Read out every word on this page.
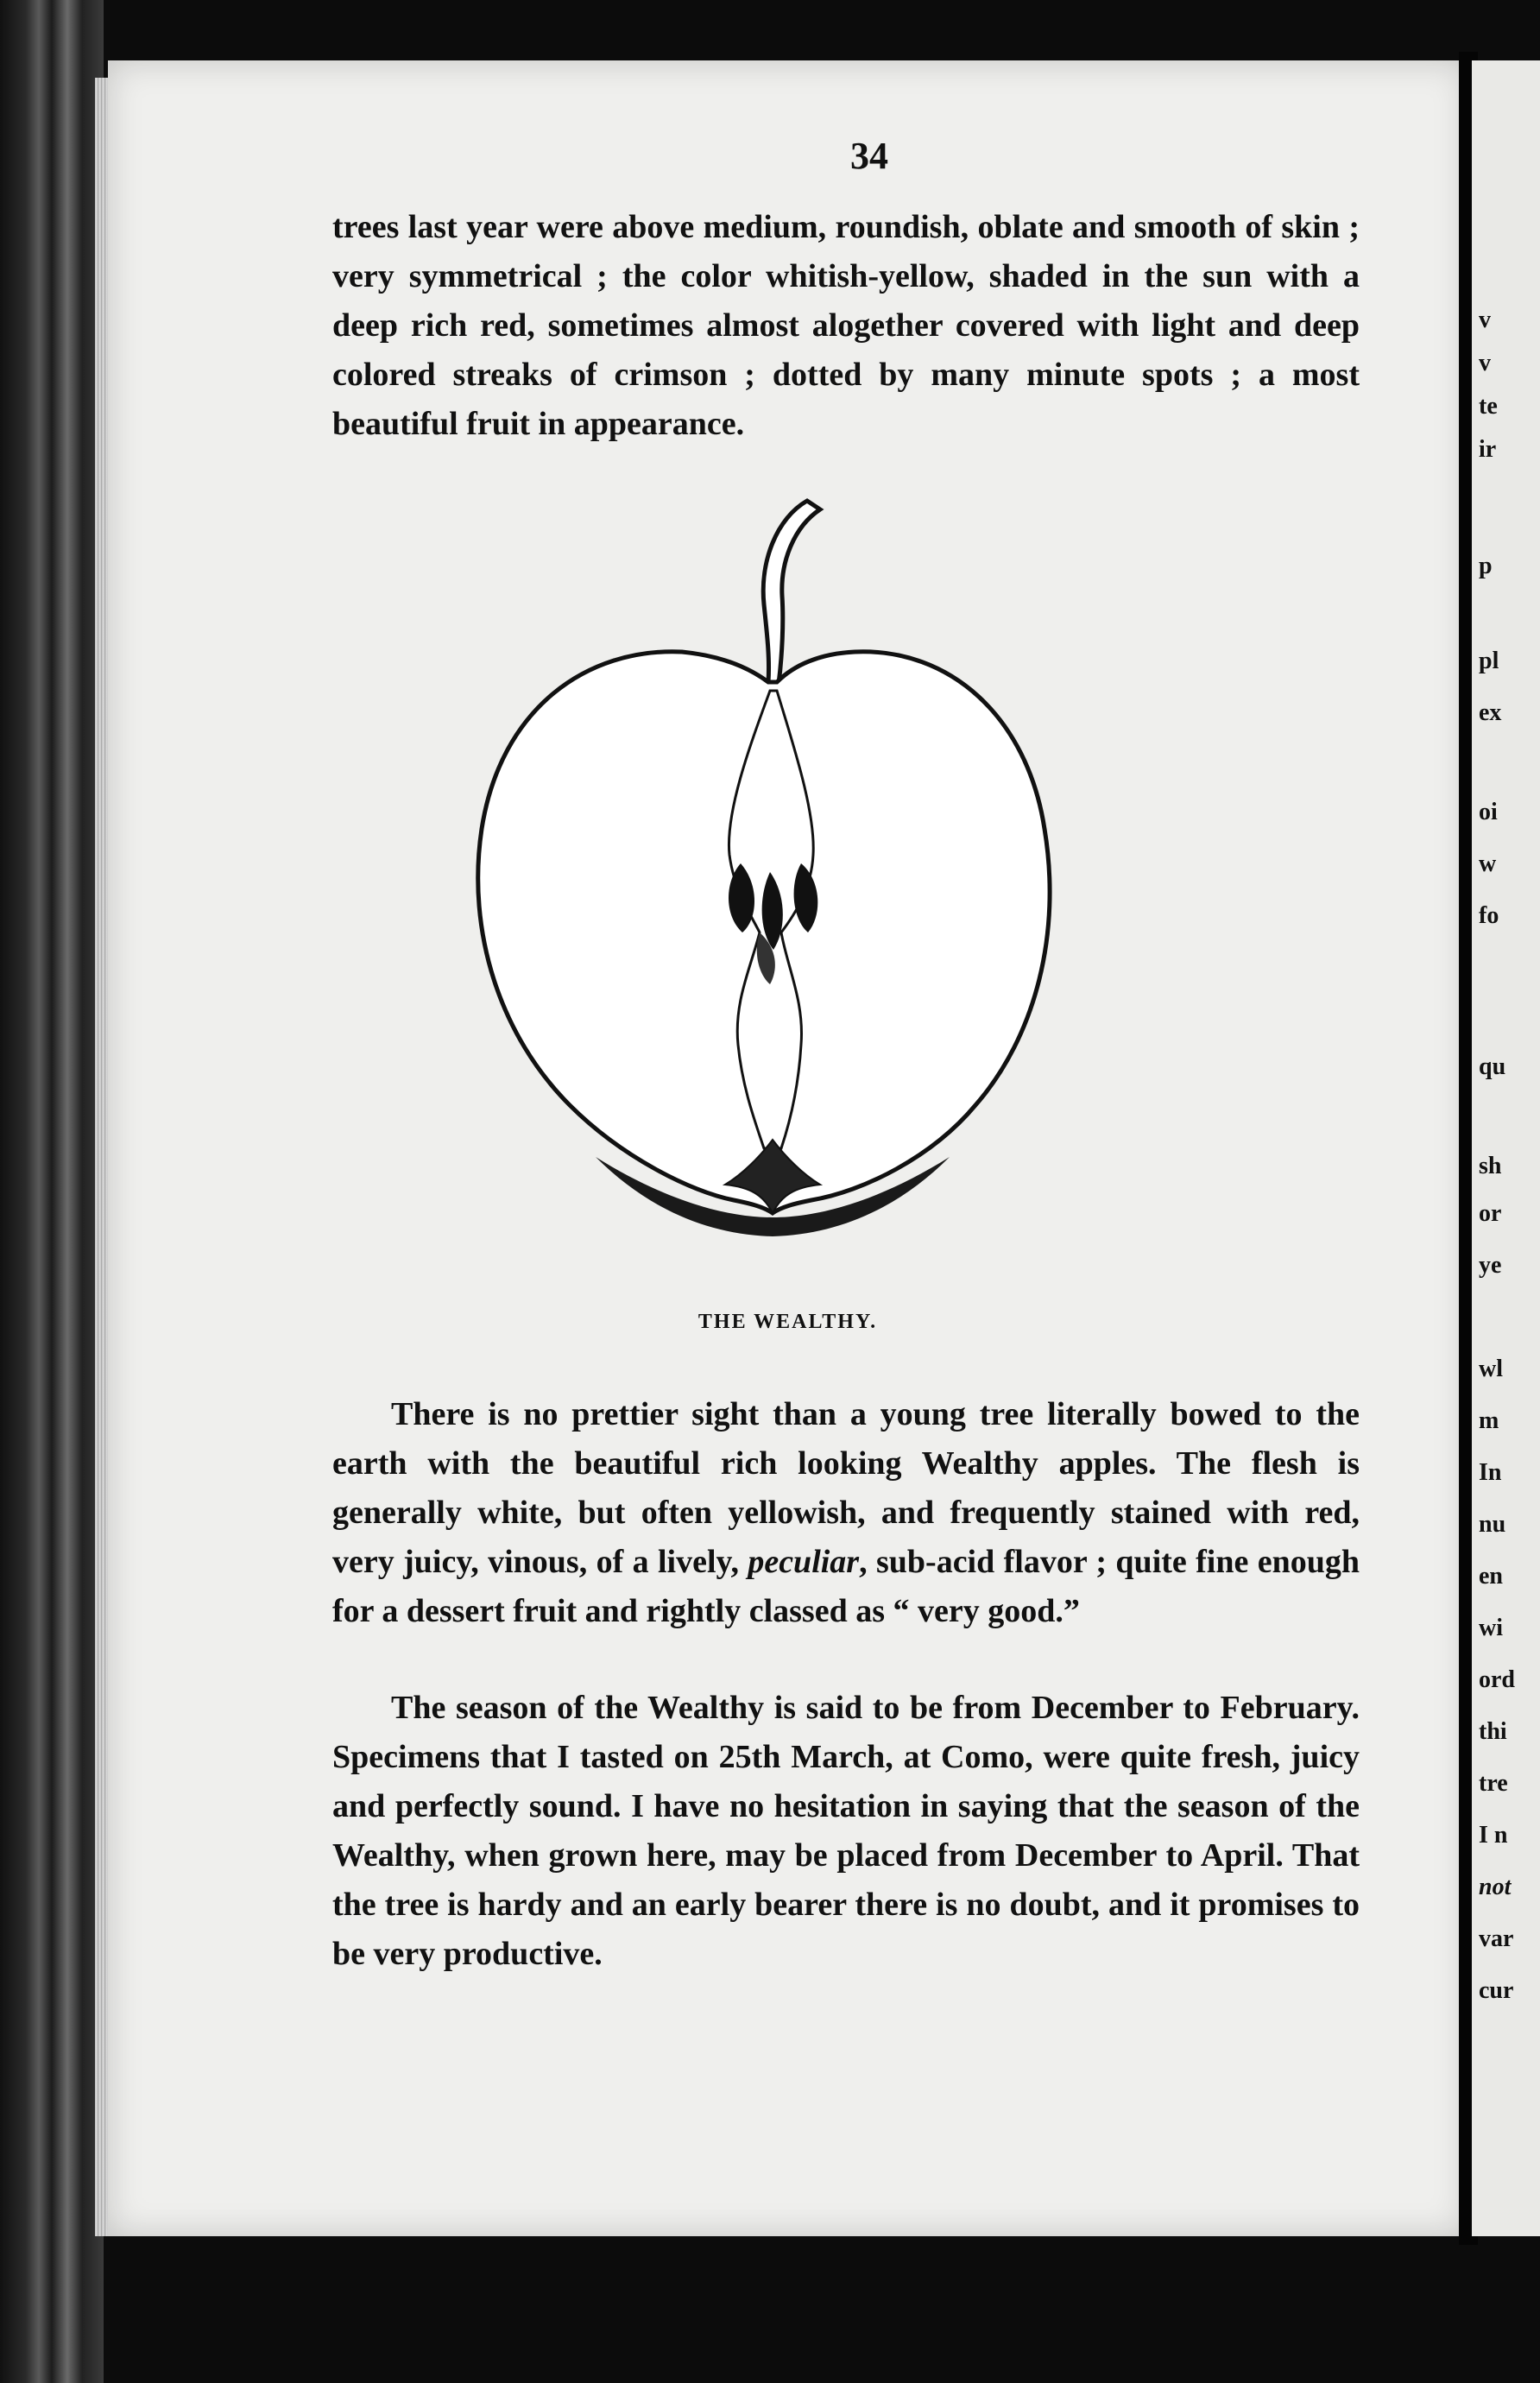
34

trees last year were above medium, roundish, oblate and smooth of skin ; very symmetrical ; the color whitish-yellow, shaded in the sun with a deep rich red, sometimes almost alogether covered with light and deep colored streaks of crimson ; dotted by many minute spots ; a most beautiful fruit in appearance.

THE WEALTHY.

There is no prettier sight than a young tree literally bowed to the earth with the beautiful rich looking Wealthy apples. The flesh is generally white, but often yellowish, and frequently stained with red, very juicy, vinous, of a lively, peculiar, sub-acid flavor ; quite fine enough for a dessert fruit and rightly classed as “ very good.”

The season of the Wealthy is said to be from December to February. Specimens that I tasted on 25th March, at Como, were quite fresh, juicy and perfectly sound. I have no hesitation in saying that the season of the Wealthy, when grown here, may be placed from December to April. That the tree is hardy and an early bearer there is no doubt, and it promises to be very productive.

v
v
te
ir
p
pl
ex
oi
w
fo
qu
sh
or
ye
wl
m
In
nu
en
wi
ord
thi
tre
I n
not
var
cur
